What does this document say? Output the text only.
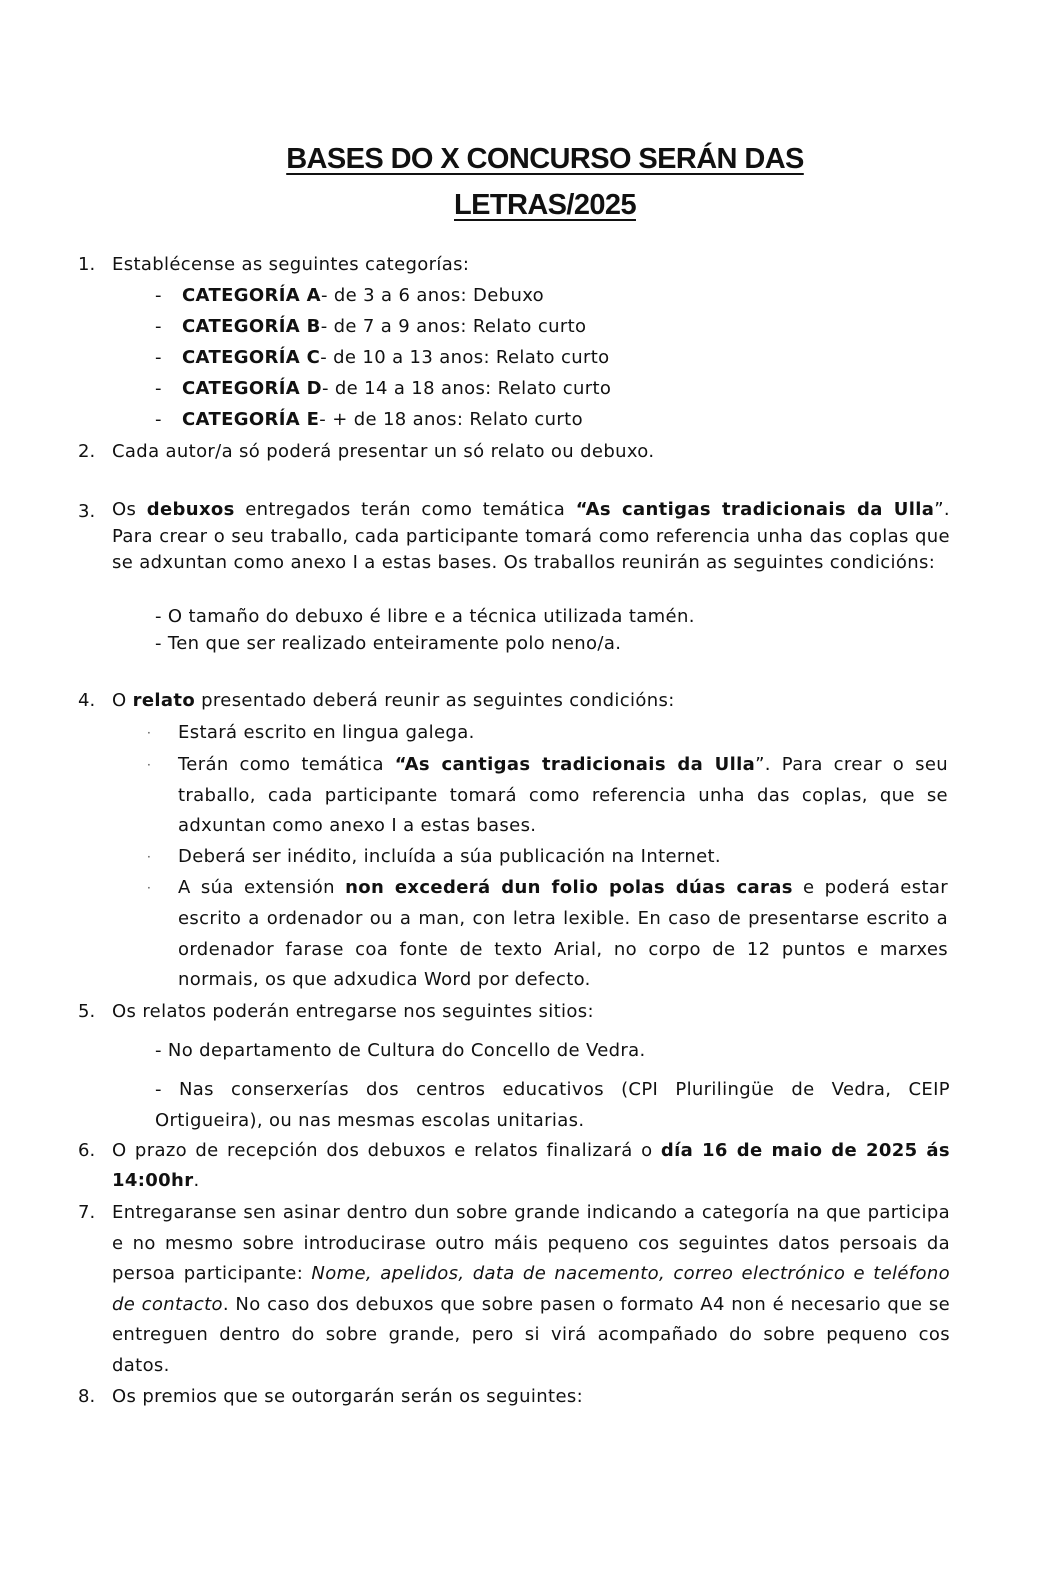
BASES DO X CONCURSO SERÁN DAS
LETRAS/2025
1. Establécense as seguintes categorías:
- CATEGORÍA A- de 3 a 6 anos: Debuxo
- CATEGORÍA B- de 7 a 9 anos: Relato curto
- CATEGORÍA C- de 10 a 13 anos: Relato curto
- CATEGORÍA D- de 14 a 18 anos: Relato curto
- CATEGORÍA E- + de 18 anos: Relato curto
2. Cada autor/a só poderá presentar un só relato ou debuxo.
3. Os debuxos entregados terán como temática “As cantigas tradicionais da Ulla”. Para crear o seu traballo, cada participante tomará como referencia unha das coplas que se adxuntan como anexo I a estas bases. Os traballos reunirán as seguintes condicións:
- O tamaño do debuxo é libre e a técnica utilizada tamén.
- Ten que ser realizado enteiramente polo neno/a.
4. O relato presentado deberá reunir as seguintes condicións:
· Estará escrito en lingua galega.
· Terán como temática “As cantigas tradicionais da Ulla”. Para crear o seu traballo, cada participante tomará como referencia unha das coplas, que se adxuntan como anexo I a estas bases.
· Deberá ser inédito, incluída a súa publicación na Internet.
· A súa extensión non excederá dun folio polas dúas caras e poderá estar escrito a ordenador ou a man, con letra lexible. En caso de presentarse escrito a ordenador farase coa fonte de texto Arial, no corpo de 12 puntos e marxes normais, os que adxudica Word por defecto.
5. Os relatos poderán entregarse nos seguintes sitios:
- No departamento de Cultura do Concello de Vedra.
- Nas conserxerías dos centros educativos (CPI Plurilingüe de Vedra, CEIP Ortigueira), ou nas mesmas escolas unitarias.
6. O prazo de recepción dos debuxos e relatos finalizará o día 16 de maio de 2025 ás 14:00hr.
7. Entregaranse sen asinar dentro dun sobre grande indicando a categoría na que participa e no mesmo sobre introducirase outro máis pequeno cos seguintes datos persoais da persoa participante: Nome, apelidos, data de nacemento, correo electrónico e teléfono de contacto. No caso dos debuxos que sobre pasen o formato A4 non é necesario que se entreguen dentro do sobre grande, pero si virá acompañado do sobre pequeno cos datos.
8. Os premios que se outorgarán serán os seguintes:
